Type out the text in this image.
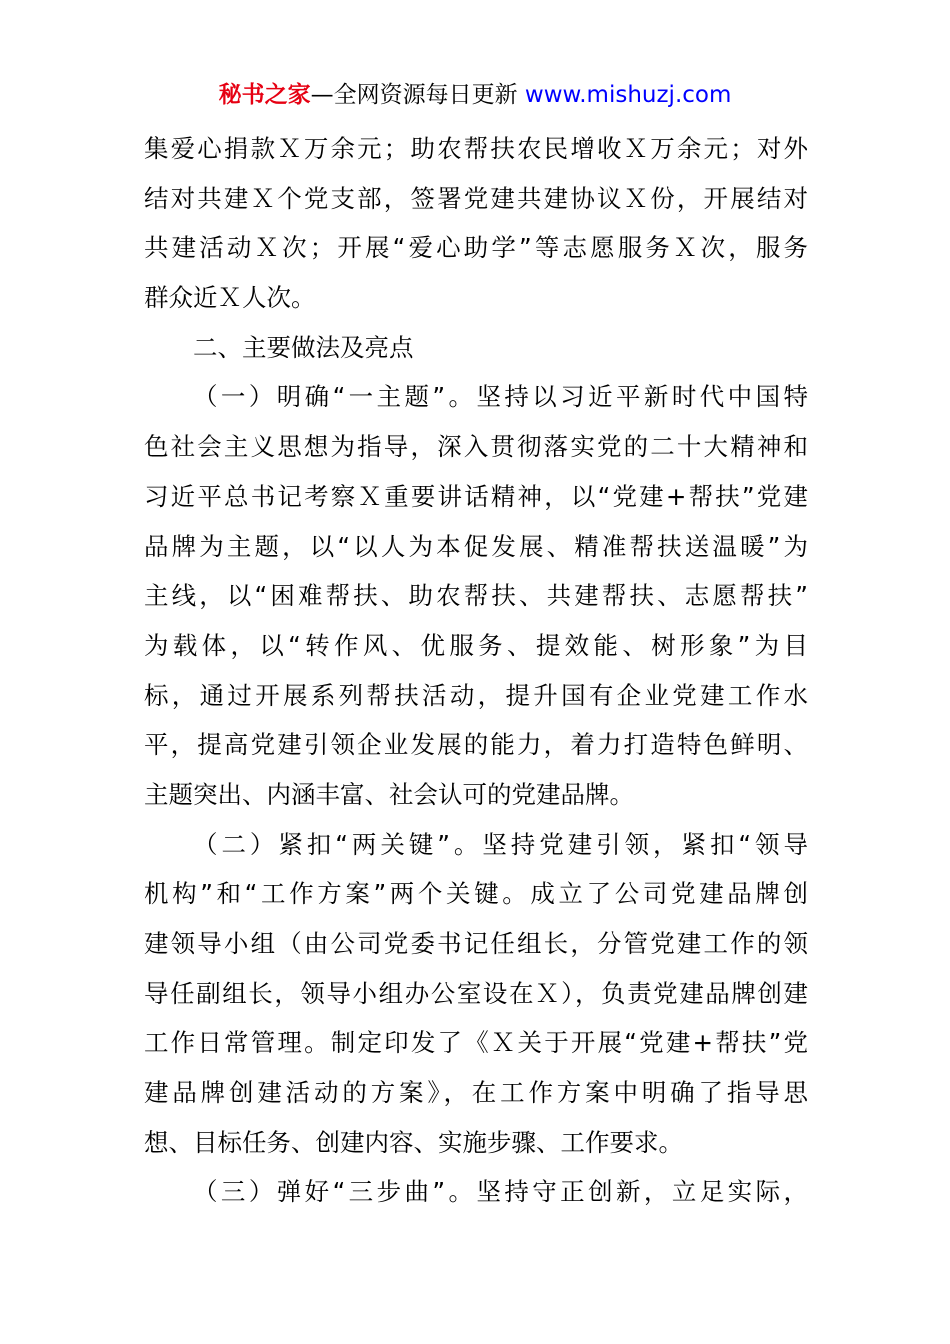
秘书之家—全网资源每日更新 www.mishuzj.com
集爱心捐款Ｘ万余元；助农帮扶农民增收Ｘ万余元；对外
结对共建Ｘ个党支部，签署党建共建协议Ｘ份，开展结对
共建活动Ｘ次；开展“爱心助学”等志愿服务Ｘ次，服务
群众近Ｘ人次。
二、主要做法及亮点
（一）明确“一主题”。坚持以习近平新时代中国特
色社会主义思想为指导，深入贯彻落实党的二十大精神和
习近平总书记考察Ｘ重要讲话精神，以“党建+帮扶”党建
品牌为主题，以“以人为本促发展、精准帮扶送温暖”为
主线，以“困难帮扶、助农帮扶、共建帮扶、志愿帮扶”
为载体，以“转作风、优服务、提效能、树形象”为目
标，通过开展系列帮扶活动，提升国有企业党建工作水
平，提高党建引领企业发展的能力，着力打造特色鲜明、
主题突出、内涵丰富、社会认可的党建品牌。
（二）紧扣“两关键”。坚持党建引领，紧扣“领导
机构”和“工作方案”两个关键。成立了公司党建品牌创
建领导小组（由公司党委书记任组长，分管党建工作的领
导任副组长，领导小组办公室设在Ｘ），负责党建品牌创建
工作日常管理。制定印发了《Ｘ关于开展“党建+帮扶”党
建品牌创建活动的方案》，在工作方案中明确了指导思
想、目标任务、创建内容、实施步骤、工作要求。
（三）弹好“三步曲”。坚持守正创新，立足实际，
